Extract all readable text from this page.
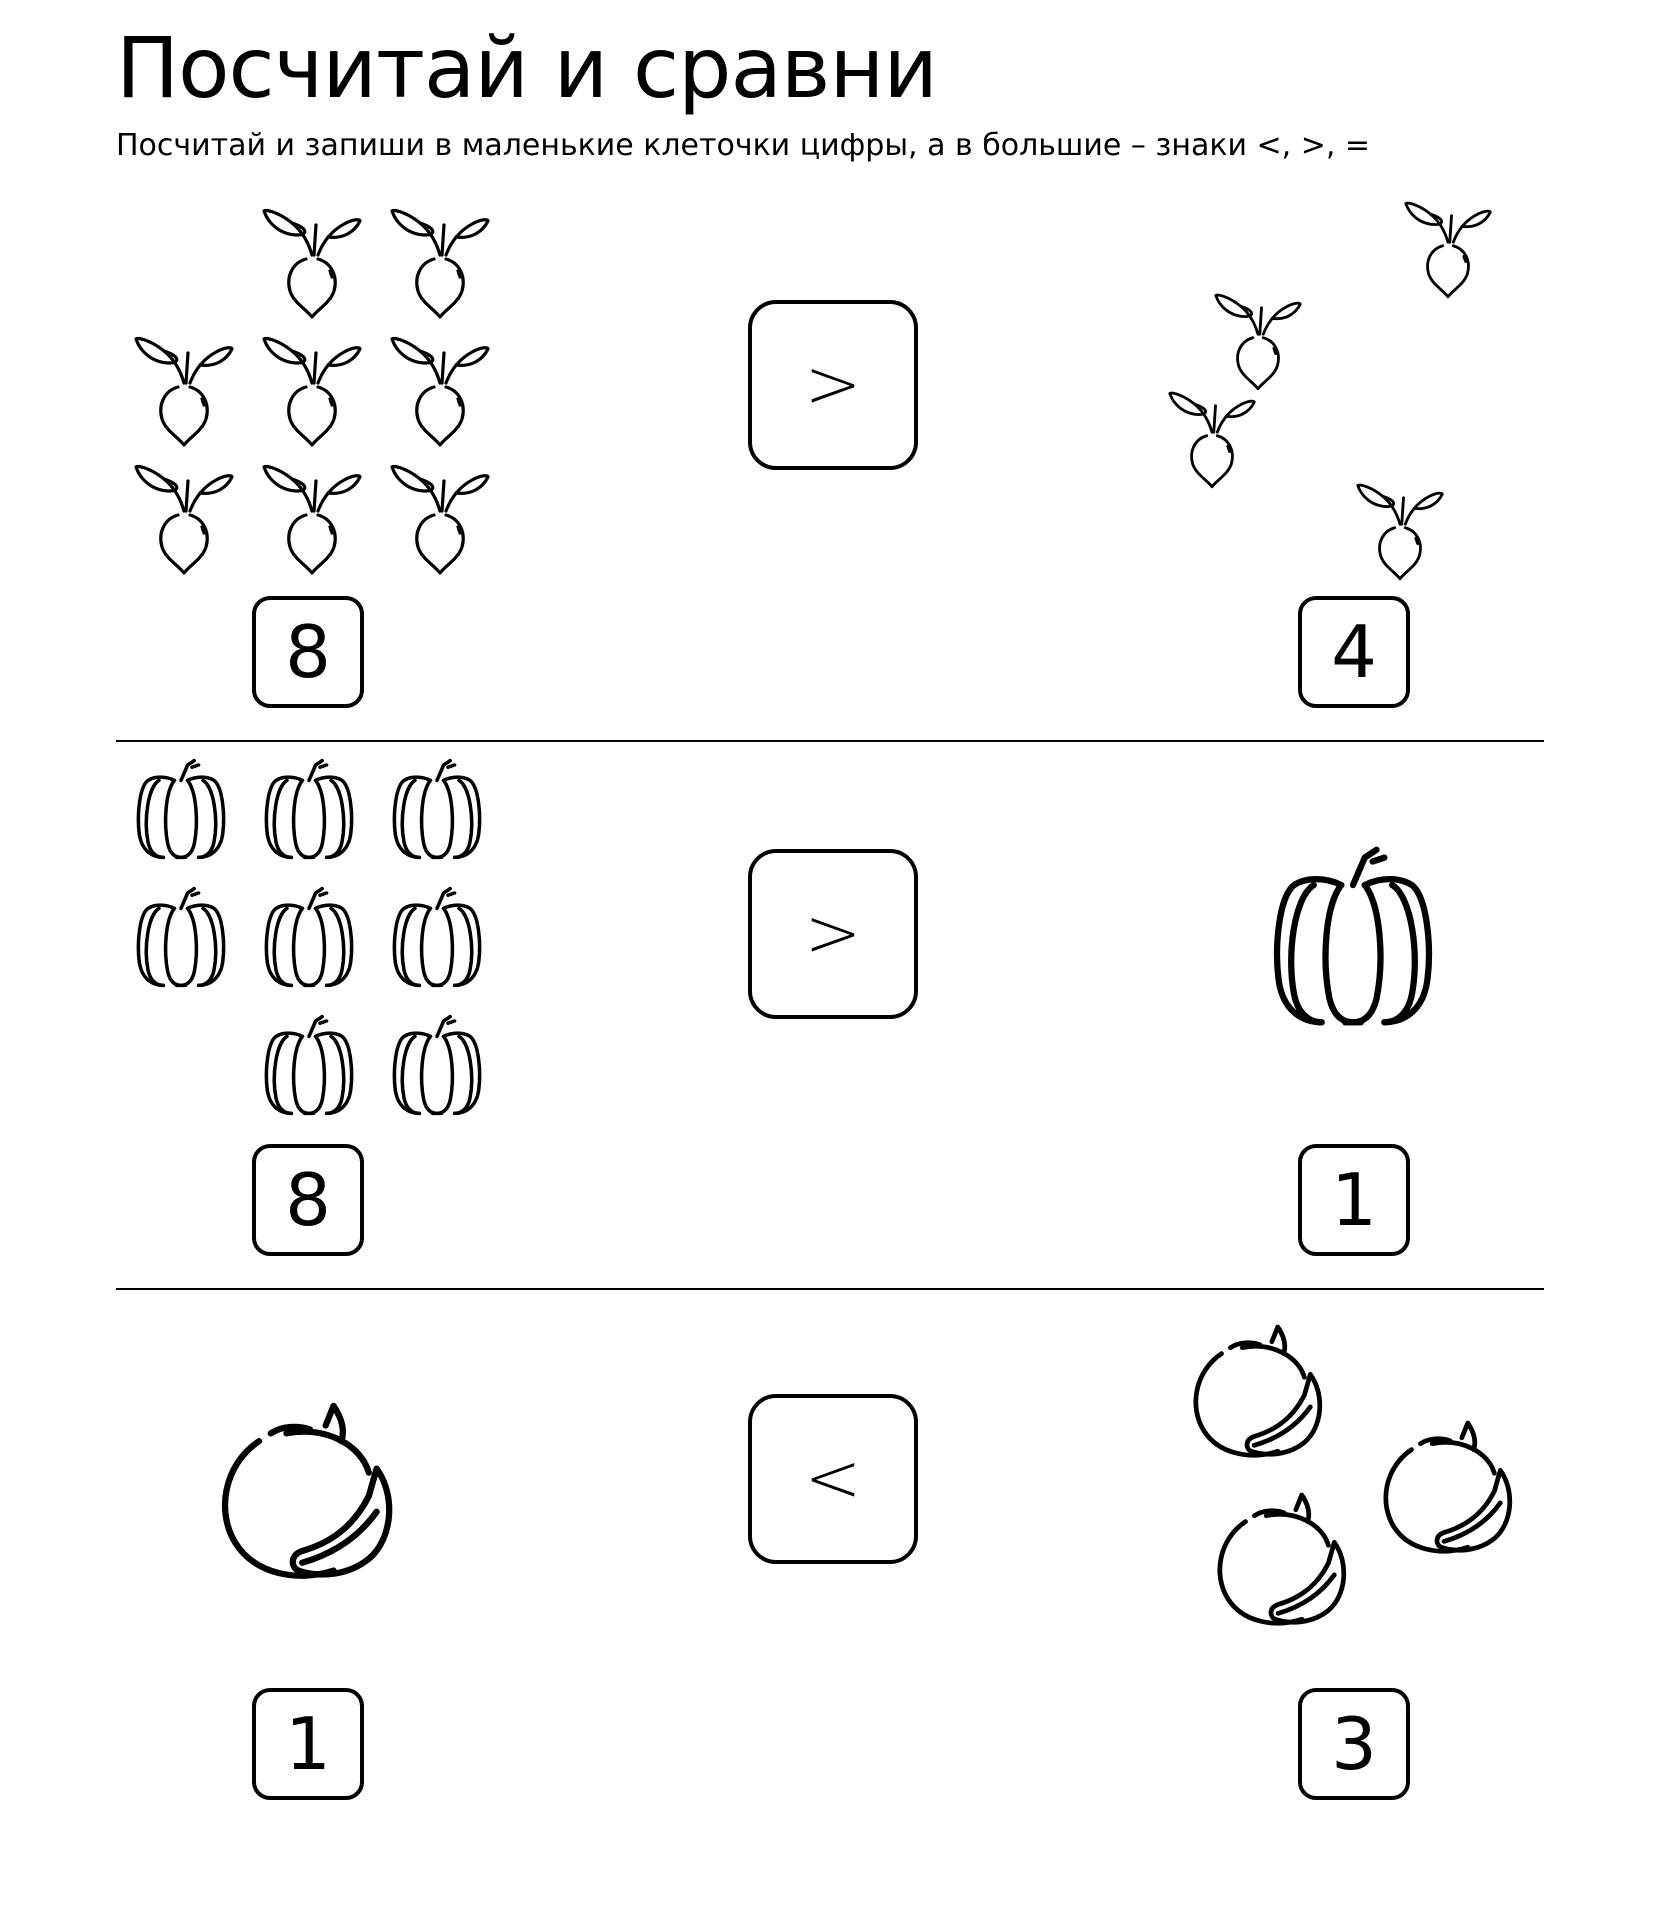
Посчитай и сравни
Посчитай и запиши в маленькие клеточки цифры, а в большие – знаки <, >, =
>
8	4
>
8	1
<
1	3
